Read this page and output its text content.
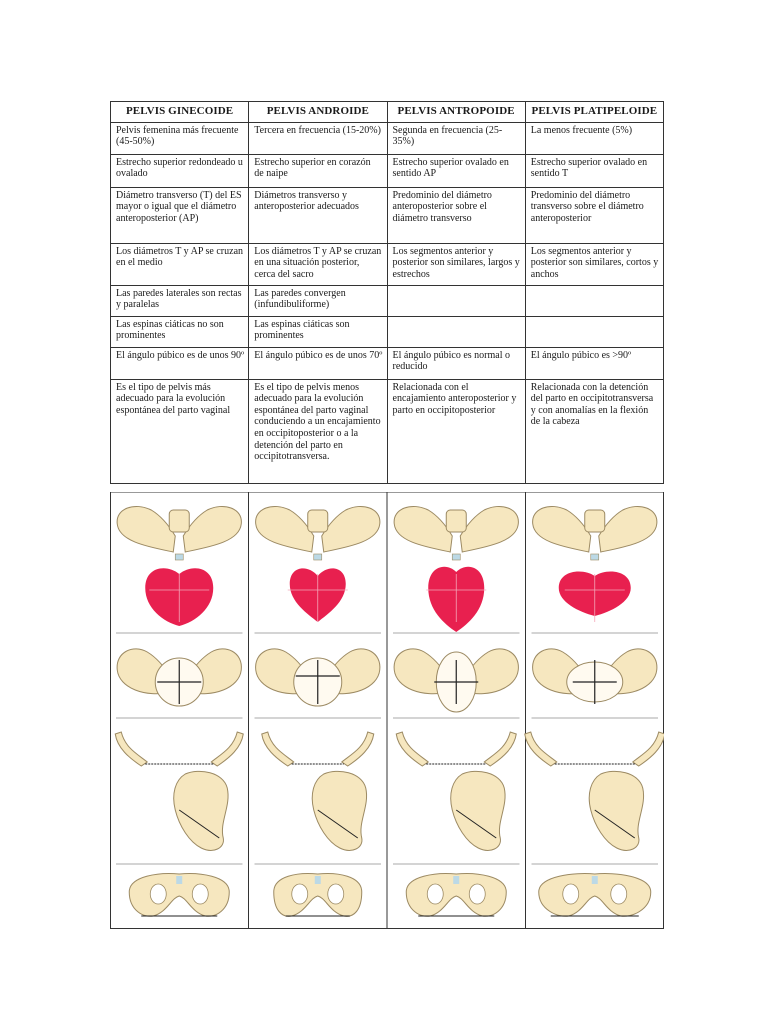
PELVIS GINECOIDE	PELVIS ANDROIDE	PELVIS ANTROPOIDE	PELVIS PLATIPELOIDE
Pelvis femenina más frecuente (45-50%)	Tercera en frecuencia (15-20%)	Segunda en frecuencia (25-35%)	La menos frecuente (5%)
Estrecho superior redondeado u ovalado	Estrecho superior en corazón de naipe	Estrecho superior ovalado en sentido AP	Estrecho superior ovalado en sentido T
Diámetro transverso (T) del ES mayor o igual que el diámetro anteroposterior (AP)	Diámetros transverso y anteroposterior adecuados	Predominio del diámetro anteroposterior sobre el diámetro transverso	Predominio del diámetro transverso sobre el diámetro anteroposterior
Los diámetros T y AP se cruzan en el medio	Los diámetros T y AP se cruzan en una situación posterior, cerca del sacro	Los segmentos anterior y posterior son similares, largos y estrechos	Los segmentos anterior y posterior son similares, cortos y anchos
Las paredes laterales son rectas y paralelas	Las paredes convergen (infundibuliforme)		
Las espinas ciáticas no son prominentes	Las espinas ciáticas son prominentes		
El ángulo púbico es de unos 90º	El ángulo púbico es de unos 70º	El ángulo púbico es normal o reducido	El ángulo púbico es >90º
Es el tipo de pelvis más adecuado para la evolución espontánea del parto vaginal	Es el tipo de pelvis menos adecuado para la evolución espontánea del parto vaginal conduciendo a un encajamiento en occipitoposterior o a la detención del parto en occipitotransversa.	Relacionada con el encajamiento anteroposterior y parto en occipitoposterior	Relacionada con la detención del parto en occipitotransversa y con anomalías en la flexión de la cabeza
